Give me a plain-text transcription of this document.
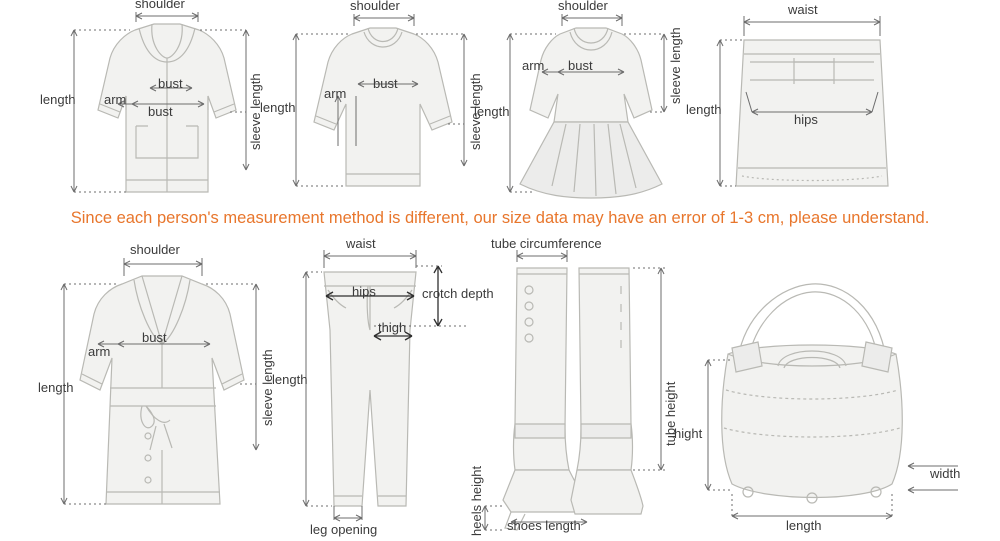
shoulder
length arm
bust
bust	sleeve length
shoulder
length
arm
bust	sleeve length
shoulder
length
arm bust	sleeve length
waist
length
hips
Since each person's measurement method is different, our size data may have an error of 1-3 cm, please understand.
shoulder
length
arm
bust
sleeve length
waist
hips	crotch depth
thigh
length
leg opening
tube circumference
tube height
heels height shoes length
hight
width
length
